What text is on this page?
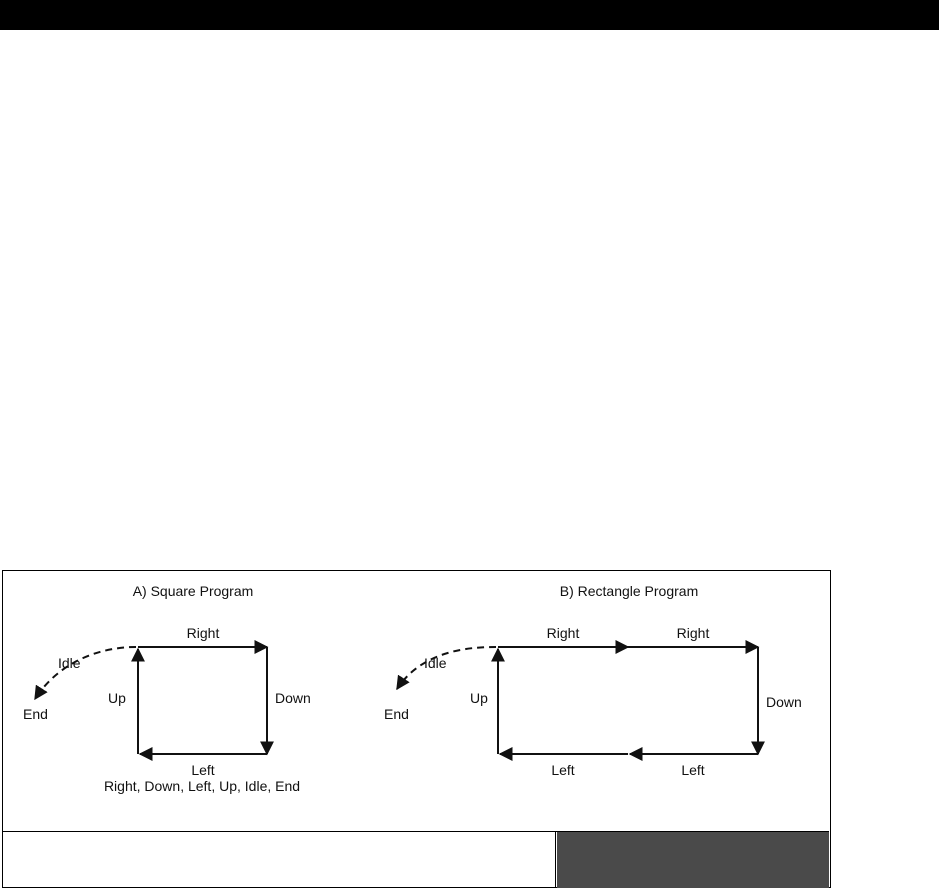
A) Square Program
Right
Down
Left
Up
Idle
End
Right, Down, Left, Up, Idle, End
B) Rectangle Program
Right	Right
Down
Left	Left
Up
Idle
End
